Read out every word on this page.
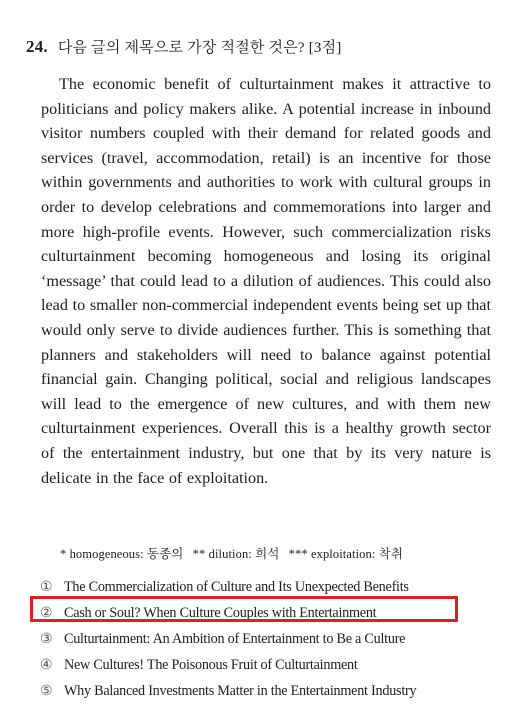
24. 다음 글의 제목으로 가장 적절한 것은? [3점]
The economic benefit of culturtainment makes it attractive to politicians and policy makers alike. A potential increase in inbound visitor numbers coupled with their demand for related goods and services (travel, accommodation, retail) is an incentive for those within governments and authorities to work with cultural groups in order to develop celebrations and commemorations into larger and more high-profile events. However, such commercialization risks culturtainment becoming homogeneous and losing its original ‘message’ that could lead to a dilution of audiences. This could also lead to smaller non-commercial independent events being set up that would only serve to divide audiences further. This is something that planners and stakeholders will need to balance against potential financial gain. Changing political, social and religious landscapes will lead to the emergence of new cultures, and with them new culturtainment experiences. Overall this is a healthy growth sector of the entertainment industry, but one that by its very nature is delicate in the face of exploitation.
* homogeneous: 동종의 ** dilution: 희석 *** exploitation: 착취
① The Commercialization of Culture and Its Unexpected Benefits
② Cash or Soul? When Culture Couples with Entertainment
③ Culturtainment: An Ambition of Entertainment to Be a Culture
④ New Cultures! The Poisonous Fruit of Culturtainment
⑤ Why Balanced Investments Matter in the Entertainment Industry
